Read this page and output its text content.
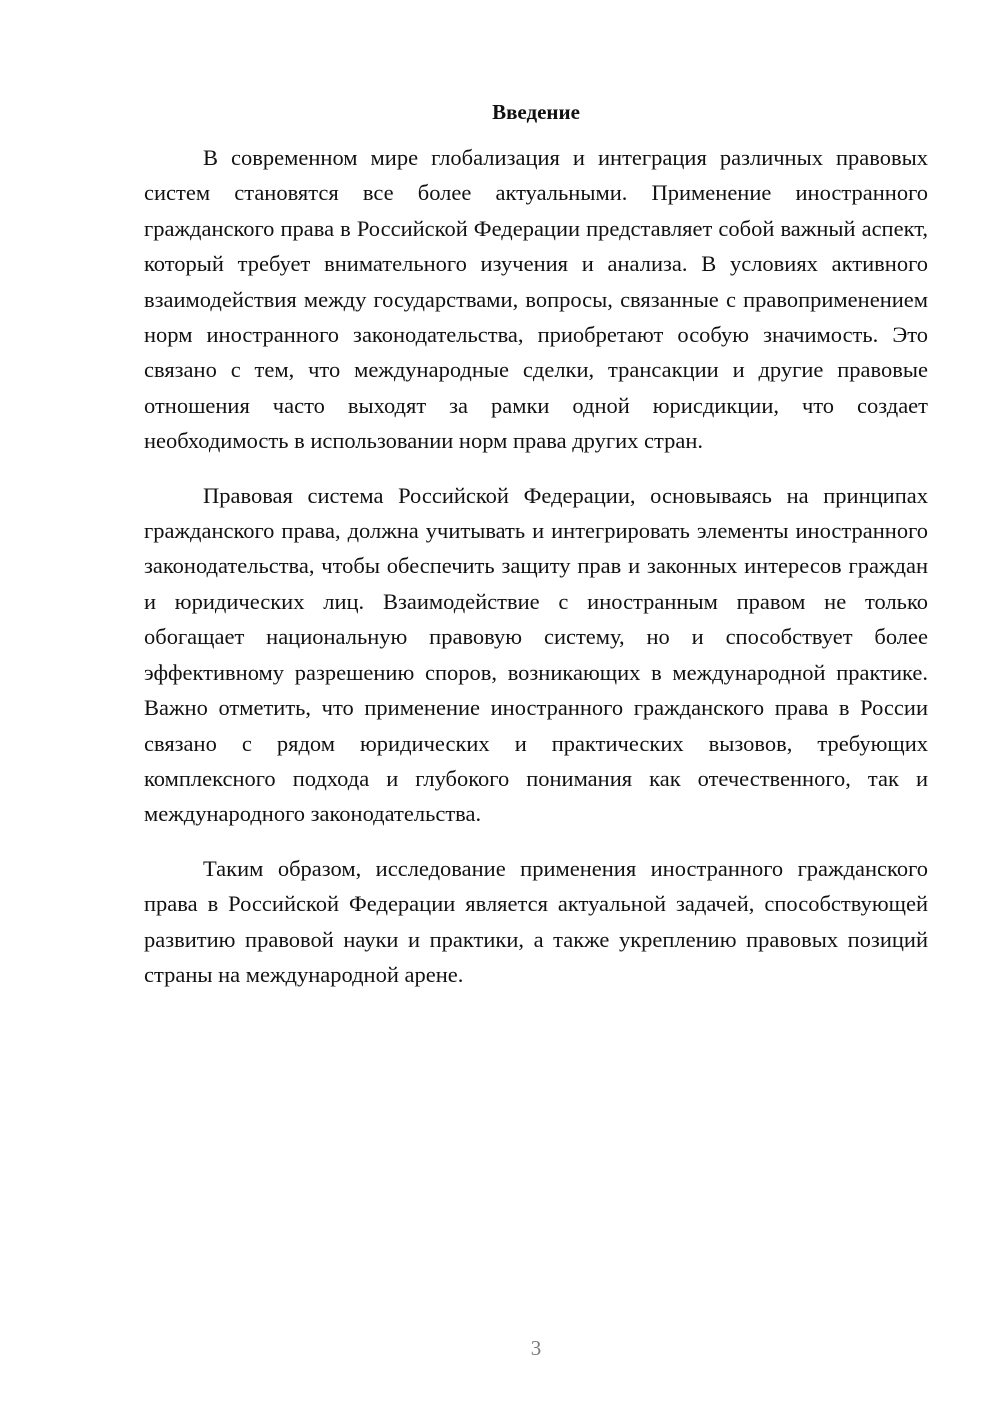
Введение

В современном мире глобализация и интеграция различных правовых систем становятся все более актуальными. Применение иностранного гражданского права в Российской Федерации представляет собой важный аспект, который требует внимательного изучения и анализа. В условиях активного взаимодействия между государствами, вопросы, связанные с правоприменением норм иностранного законодательства, приобретают особую значимость. Это связано с тем, что международные сделки, трансакции и другие правовые отношения часто выходят за рамки одной юрисдикции, что создает необходимость в использовании норм права других стран.

Правовая система Российской Федерации, основываясь на принципах гражданского права, должна учитывать и интегрировать элементы иностранного законодательства, чтобы обеспечить защиту прав и законных интересов граждан и юридических лиц. Взаимодействие с иностранным правом не только обогащает национальную правовую систему, но и способствует более эффективному разрешению споров, возникающих в международной практике. Важно отметить, что применение иностранного гражданского права в России связано с рядом юридических и практических вызовов, требующих комплексного подхода и глубокого понимания как отечественного, так и международного законодательства.

Таким образом, исследование применения иностранного гражданского права в Российской Федерации является актуальной задачей, способствующей развитию правовой науки и практики, а также укреплению правовых позиций страны на международной арене.

3
